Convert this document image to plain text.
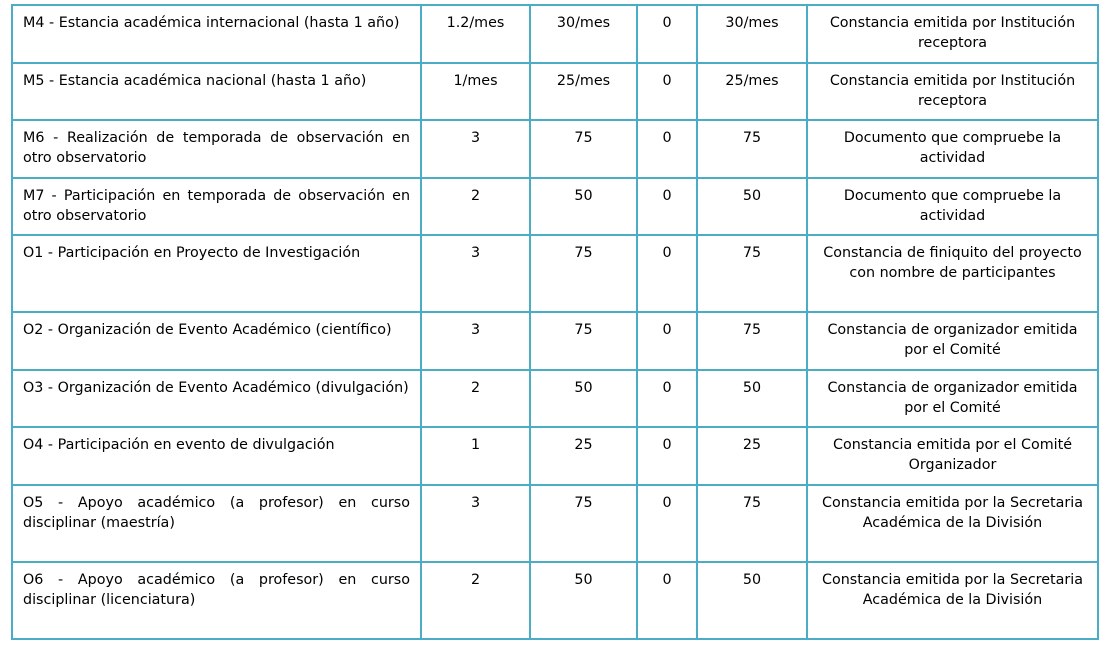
M4 - Estancia académica internacional (hasta 1 año)	1.2/mes	30/mes	0	30/mes	Constancia emitida por Institución receptora
M5 - Estancia académica nacional (hasta 1 año)	1/mes	25/mes	0	25/mes	Constancia emitida por Institución receptora
M6 - Realización de temporada de observación en otro observatorio	3	75	0	75	Documento que compruebe la actividad
M7 - Participación en temporada de observación en otro observatorio	2	50	0	50	Documento que compruebe la actividad
O1 - Participación en Proyecto de Investigación	3	75	0	75	Constancia de finiquito del proyecto con nombre de participantes
O2 - Organización de Evento Académico (científico)	3	75	0	75	Constancia de organizador emitida por el Comité
O3 - Organización de Evento Académico (divulgación)	2	50	0	50	Constancia de organizador emitida por el Comité
O4 - Participación en evento de divulgación	1	25	0	25	Constancia emitida por el Comité Organizador
O5 - Apoyo académico (a profesor) en curso disciplinar (maestría)	3	75	0	75	Constancia emitida por la Secretaria Académica de la División
O6 - Apoyo académico (a profesor) en curso disciplinar (licenciatura)	2	50	0	50	Constancia emitida por la Secretaria Académica de la División
